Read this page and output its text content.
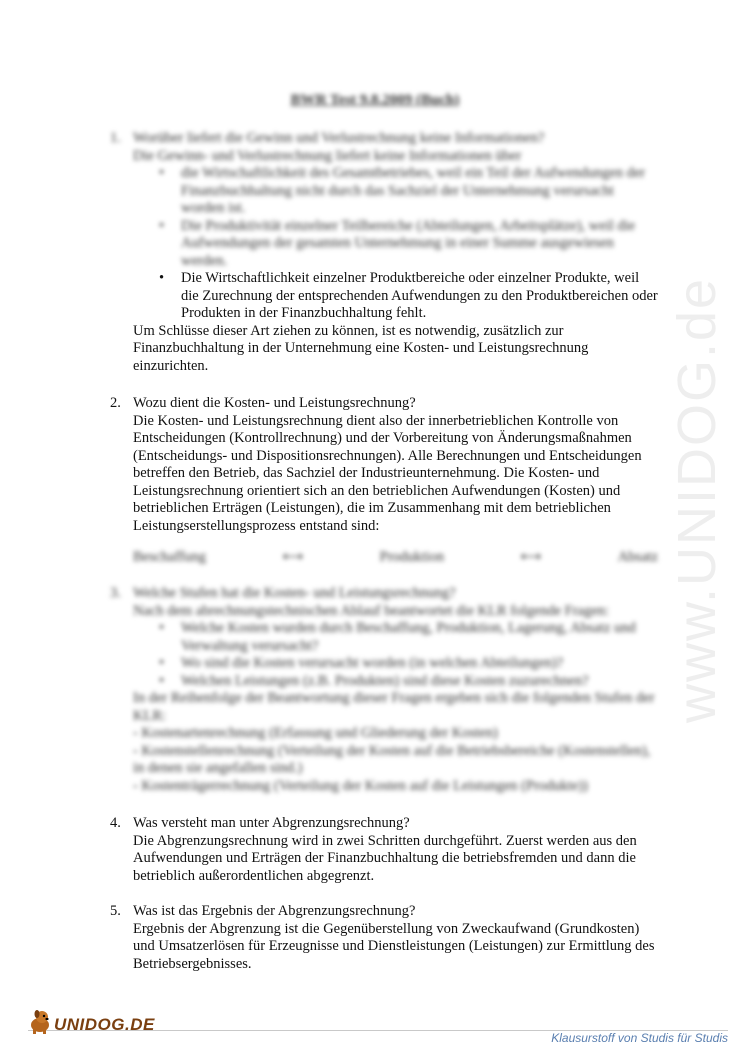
www.UNIDOG.de
BWR Test 9.8.2009 (Buch)
1. Worüber liefert die Gewinn und Verlustrechnung keine Informationen?
Die Gewinn- und Verlustrechnung liefert keine Informationen über
• die Wirtschaftlichkeit des Gesamtbetriebes, weil ein Teil der Aufwendungen der Finanzbuchhaltung nicht durch das Sachziel der Unternehmung verursacht worden ist.
• Die Produktivität einzelner Teilbereiche (Abteilungen, Arbeitsplätze), weil die Aufwendungen der gesamten Unternehmung in einer Summe ausgewiesen werden.
• Die Wirtschaftlichkeit einzelner Produktbereiche oder einzelner Produkte, weil die Zurechnung der entsprechenden Aufwendungen zu den Produktbereichen oder Produkten in der Finanzbuchhaltung fehlt.
Um Schlüsse dieser Art ziehen zu können, ist es notwendig, zusätzlich zur Finanzbuchhaltung in der Unternehmung eine Kosten- und Leistungsrechnung einzurichten.
2. Wozu dient die Kosten- und Leistungsrechnung?
Die Kosten- und Leistungsrechnung dient also der innerbetrieblichen Kontrolle von Entscheidungen (Kontrollrechnung) und der Vorbereitung von Änderungsmaßnahmen (Entscheidungs- und Dispositionsrechnungen). Alle Berechnungen und Entscheidungen betreffen den Betrieb, das Sachziel der Industrieunternehmung. Die Kosten- und Leistungsrechnung orientiert sich an den betrieblichen Aufwendungen (Kosten) und betrieblichen Erträgen (Leistungen), die im Zusammenhang mit dem betrieblichen Leistungserstellungsprozess entstand sind:
Beschaffung	⟷	Produktion	⟷	Absatz
3. Welche Stufen hat die Kosten- und Leistungsrechnung?
Nach dem abrechnungstechnischen Ablauf beantwortet die KLR folgende Fragen:
• Welche Kosten wurden durch Beschaffung, Produktion, Lagerung, Absatz und Verwaltung verursacht?
• Wo sind die Kosten verursacht worden (in welchen Abteilungen)?
• Welchen Leistungen (z.B. Produkten) sind diese Kosten zuzurechnen?
In der Reihenfolge der Beantwortung dieser Fragen ergeben sich die folgenden Stufen der KLR:
- Kostenartenrechnung (Erfassung und Gliederung der Kosten)
- Kostenstellenrechnung (Verteilung der Kosten auf die Betriebsbereiche (Kostenstellen), in denen sie angefallen sind.)
- Kostenträgerrechnung (Verteilung der Kosten auf die Leistungen (Produkte))
4. Was versteht man unter Abgrenzungsrechnung?
Die Abgrenzungsrechnung wird in zwei Schritten durchgeführt. Zuerst werden aus den Aufwendungen und Erträgen der Finanzbuchhaltung die betriebsfremden und dann die betrieblich außerordentlichen abgegrenzt.
5. Was ist das Ergebnis der Abgrenzungsrechnung?
Ergebnis der Abgrenzung ist die Gegenüberstellung von Zweckaufwand (Grundkosten) und Umsatzerlösen für Erzeugnisse und Dienstleistungen (Leistungen) zur Ermittlung des Betriebsergebnisses.
UNIDOG.DE
Klausurstoff von Studis für Studis
